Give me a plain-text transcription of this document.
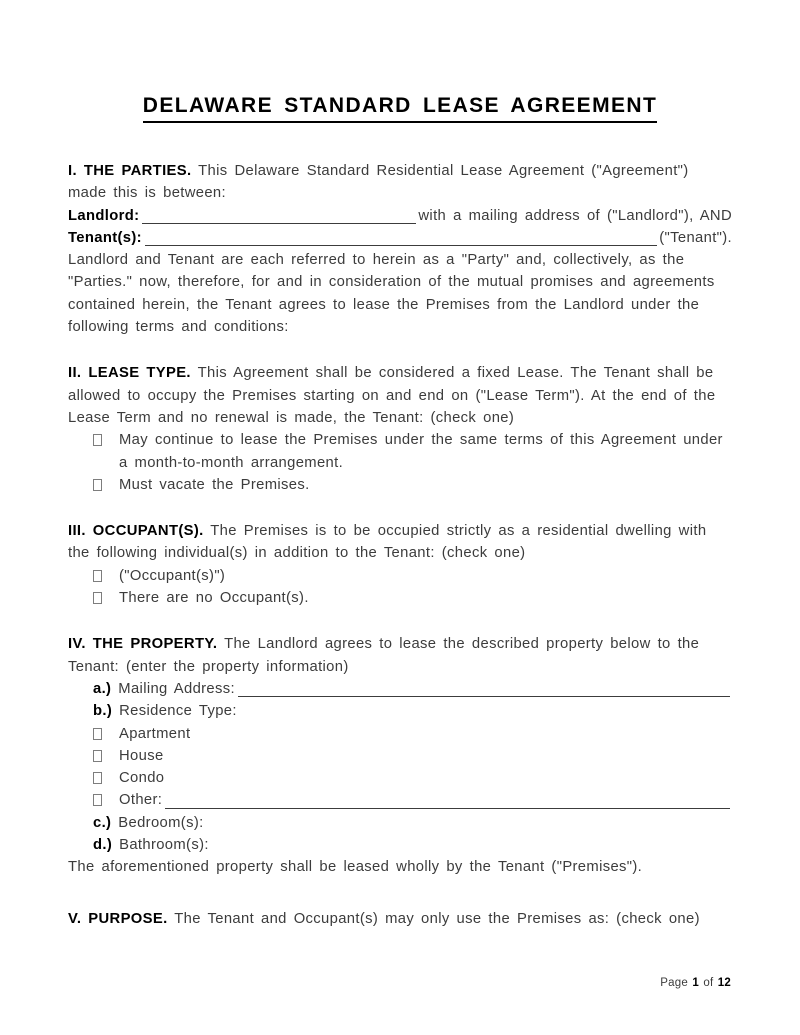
DELAWARE STANDARD LEASE AGREEMENT
I. THE PARTIES. This Delaware Standard Residential Lease Agreement ("Agreement") made this is between:
Landlord:	with a mailing address of ("Landlord"), AND
Tenant(s):	("Tenant").
Landlord and Tenant are each referred to herein as a "Party" and, collectively, as the "Parties." now, therefore, for and in consideration of the mutual promises and agreements contained herein, the Tenant agrees to lease the Premises from the Landlord under the following terms and conditions:
II. LEASE TYPE. This Agreement shall be considered a fixed Lease. The Tenant shall be allowed to occupy the Premises starting on and end on ("Lease Term"). At the end of the Lease Term and no renewal is made, the Tenant: (check one)
May continue to lease the Premises under the same terms of this Agreement under a month-to-month arrangement.
Must vacate the Premises.
III. OCCUPANT(S). The Premises is to be occupied strictly as a residential dwelling with the following individual(s) in addition to the Tenant: (check one)
("Occupant(s)")
There are no Occupant(s).
IV. THE PROPERTY. The Landlord agrees to lease the described property below to the Tenant: (enter the property information)
a.)
Mailing Address:
b.) Residence Type:
Apartment
House
Condo
Other:
c.) Bedroom(s):
d.) Bathroom(s):
The aforementioned property shall be leased wholly by the Tenant ("Premises").
V. PURPOSE. The Tenant and Occupant(s) may only use the Premises as: (check one)
Page 1 of 12
